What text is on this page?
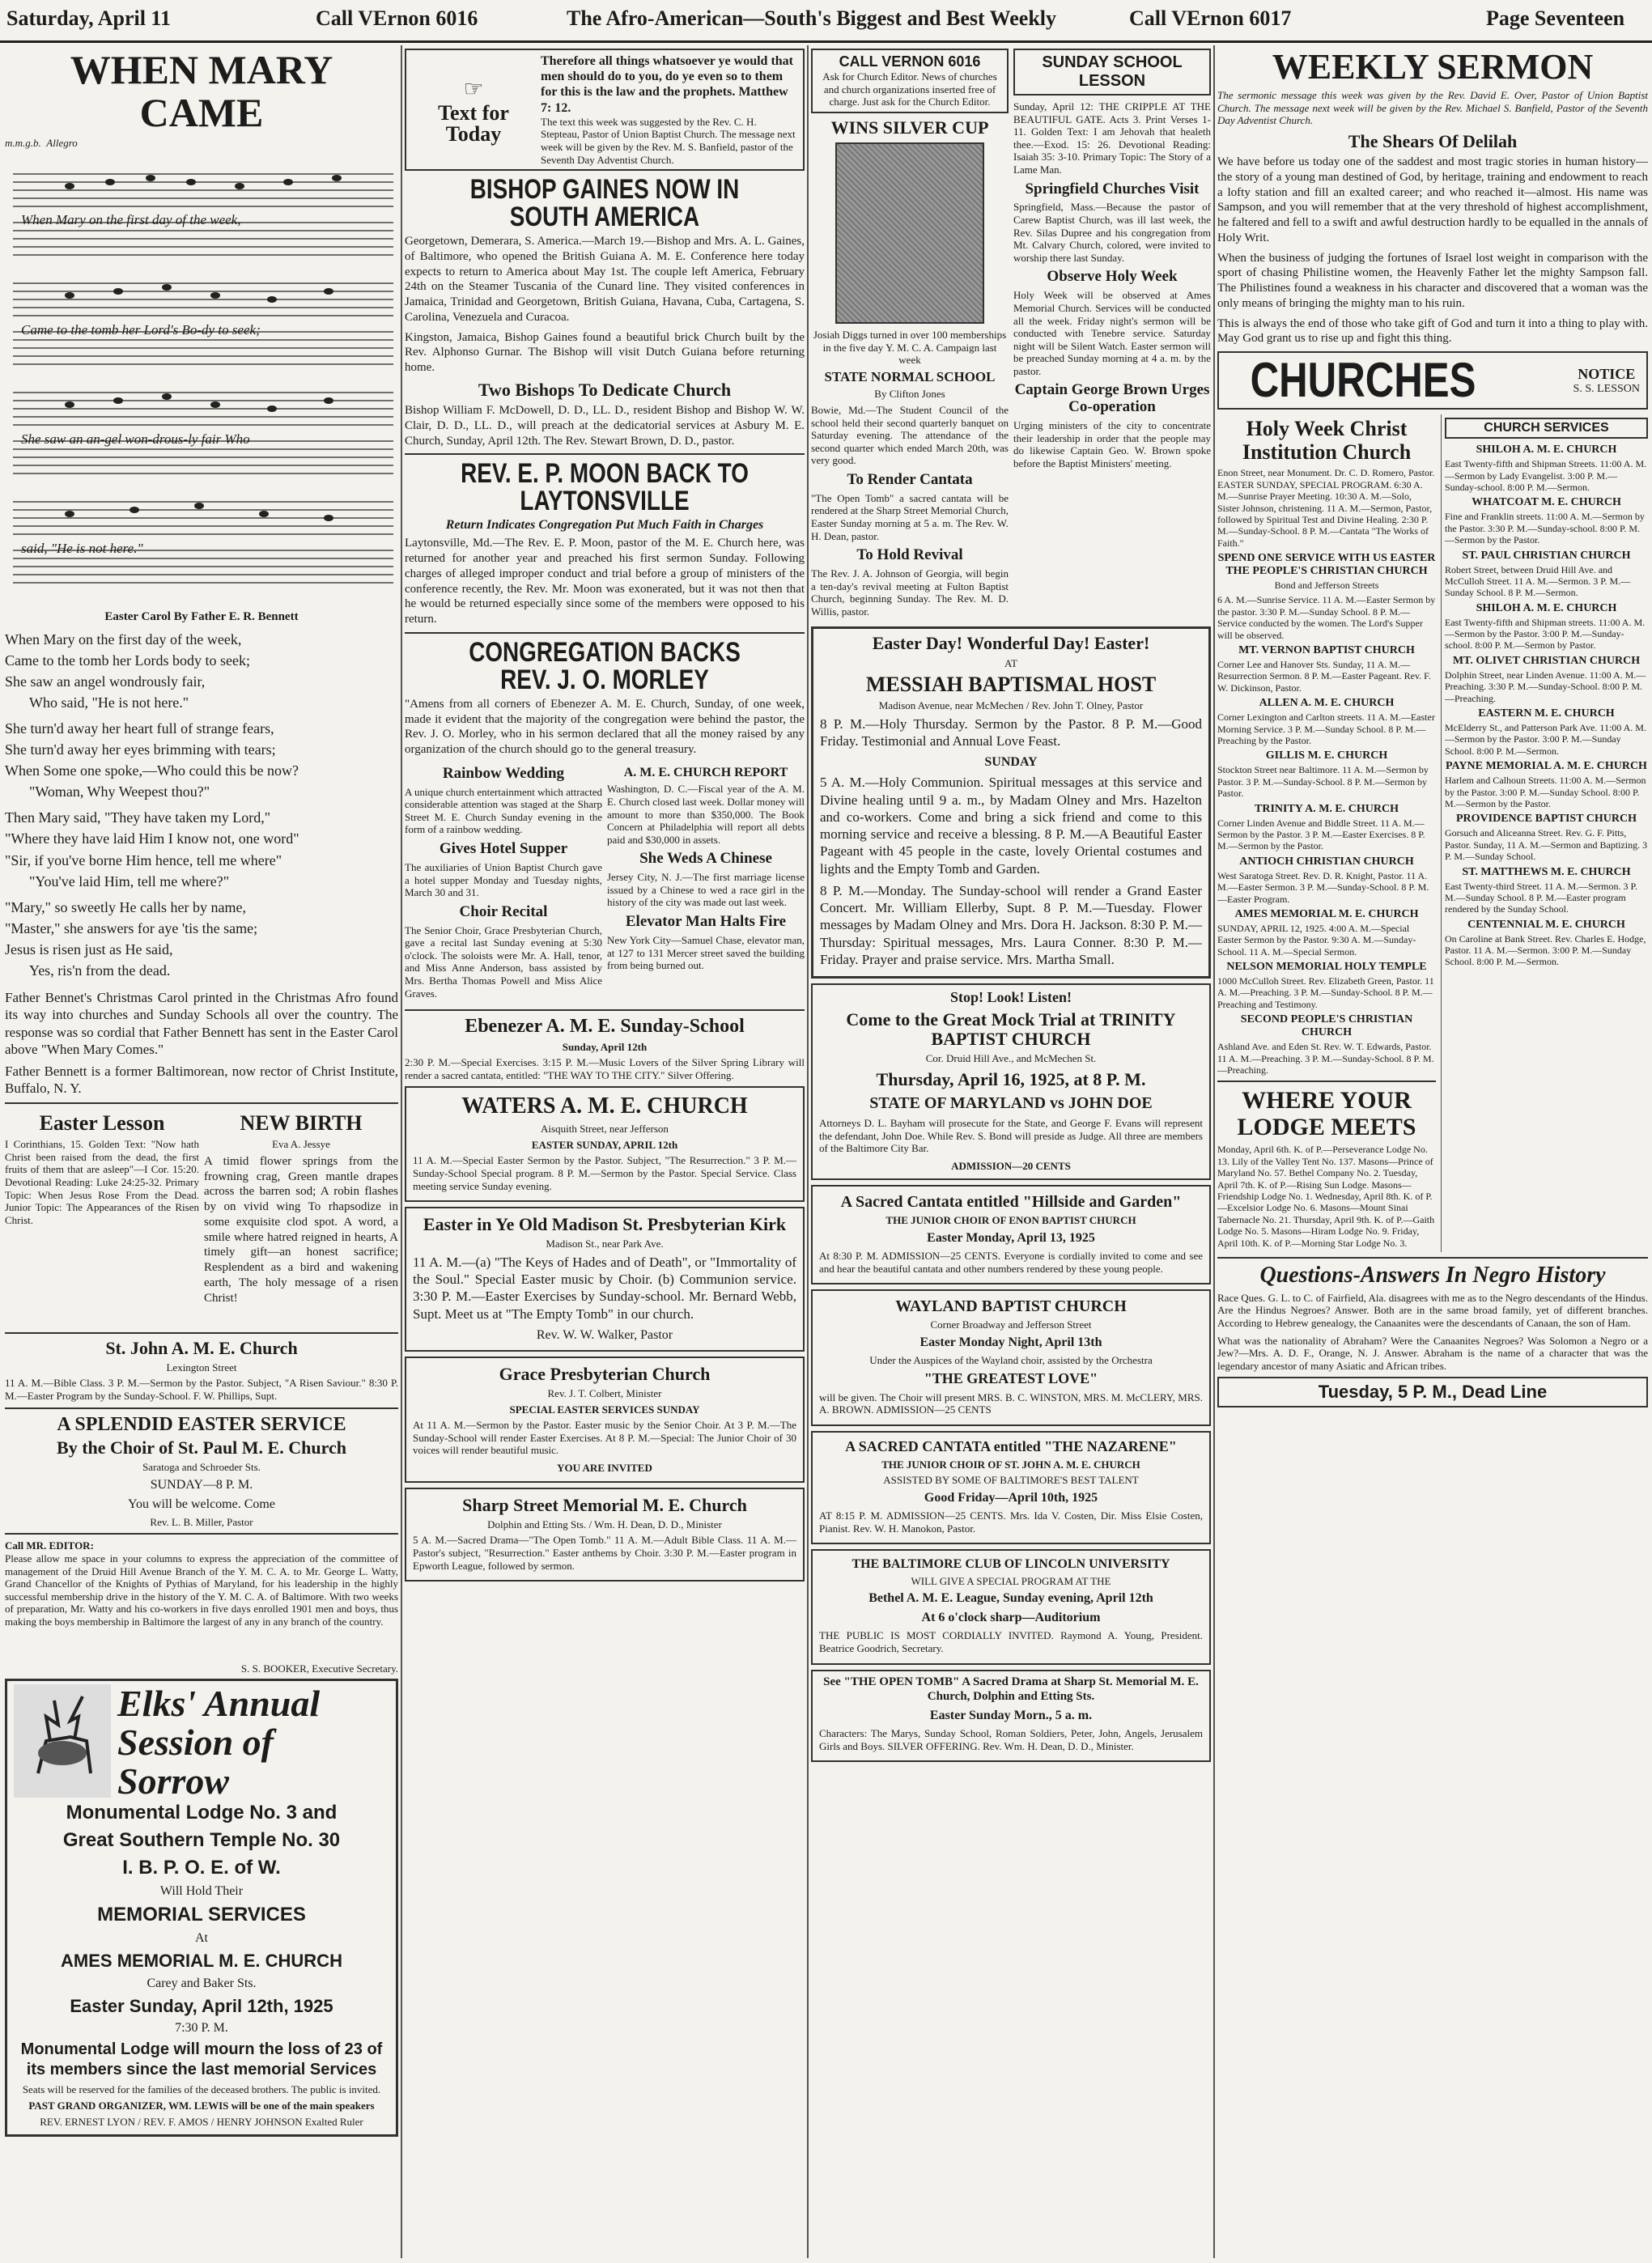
Saturday, April 11	Call VErnon 6016	The Afro-American—South's Biggest and Best Weekly	Call VErnon 6017	Page Seventeen
WHEN MARY CAME
m.m.g.b. Allegro
When Mary on the first day of the week,
Came to the tomb her Lord's Bo-dy to seek;
She saw an an-gel won-drous-ly fair Who
said, "He is not here."
Easter Carol By Father E. R. Bennett
When Mary on the first day of the week,
Came to the tomb her Lords body to seek;
She saw an angel wondrously fair,
Who said, "He is not here."

She turn'd away her heart full of strange fears,
She turn'd away her eyes brimming with tears;
When Some one spoke,—Who could this be now?
"Woman, Why Weepest thou?"

Then Mary said, "They have taken my Lord,"
"Where they have laid Him I know not, one word"
"Sir, if you've borne Him hence, tell me where"
"You've laid Him, tell me where?"

"Mary," so sweetly He calls her by name,
"Master," she answers for aye 'tis the same;
Jesus is risen just as He said,
Yes, ris'n from the dead.
Father Bennet's Christmas Carol printed in the Christmas Afro found its way into churches and Sunday Schools all over the country. The response was so cordial that Father Bennett has sent in the Easter Carol above "When Mary Comes."
Father Bennett is a former Baltimorean, now rector of Christ Institute, Buffalo, N. Y.
Easter Lesson
I Corinthians, 15. Golden Text: "Now hath Christ been raised from the dead, the first fruits of them that are asleep"—I Cor. 15:20. Devotional Reading: Luke 24:25-32. Primary Topic: When Jesus Rose From the Dead. Junior Topic: The Appearances of the Risen Christ.
NEW BIRTH
Eva A. Jessye
A timid flower springs from the frowning crag, Green mantle drapes across the barren sod; A robin flashes by on vivid wing To rhapsodize in some exquisite clod spot. A word, a smile where hatred reigned in hearts, A timely gift—an honest sacrifice; Resplendent as a bird and wakening earth, The holy message of a risen Christ!
St. John A. M. E. Church
Lexington Street
11 A. M.—Bible Class. 3 P. M.—Sermon by the Pastor. Subject, "A Risen Saviour." 8:30 P. M.—Easter Program by the Sunday-School. F. W. Phillips, Supt.
A SPLENDID EASTER SERVICE
By the Choir of St. Paul M. E. Church
Saratoga and Schroeder Sts.
SUNDAY—8 P. M.
You will be welcome. Come
Rev. L. B. Miller, Pastor
Call MR. EDITOR:
Please allow me space in your columns to express the appreciation of the committee of management of the Druid Hill Avenue Branch of the Y. M. C. A. to Mr. George L. Watty, Grand Chancellor of the Knights of Pythias of Maryland, for his leadership in the highly successful membership drive in the history of the Y. M. C. A. of Baltimore. With two weeks of preparation, Mr. Watty and his co-workers in five days enrolled 1901 men and boys, thus making the boys membership in Baltimore the largest of any in any branch of the country.
S. S. BOOKER, Executive Secretary.
Elks' Annual Session of Sorrow
Monumental Lodge No. 3 and
Great Southern Temple No. 30
I. B. P. O. E. of W.
Will Hold Their
MEMORIAL SERVICES
At
AMES MEMORIAL M. E. CHURCH
Carey and Baker Sts.
Easter Sunday, April 12th, 1925
7:30 P. M.
Monumental Lodge will mourn the loss of 23 of its members since the last memorial Services
Seats will be reserved for the families of the deceased brothers. The public is invited.
PAST GRAND ORGANIZER, WM. LEWIS will be one of the main speakers
REV. ERNEST LYON / REV. F. AMOS / HENRY JOHNSON Exalted Ruler
☞
Text for Today
Therefore all things whatsoever ye would that men should do to you, do ye even so to them for this is the law and the prophets. Matthew 7: 12.
The text this week was suggested by the Rev. C. H. Stepteau, Pastor of Union Baptist Church. The message next week will be given by the Rev. M. S. Banfield, pastor of the Seventh Day Adventist Church.
BISHOP GAINES NOW IN SOUTH AMERICA
Georgetown, Demerara, S. America.—March 19.—Bishop and Mrs. A. L. Gaines, of Baltimore, who opened the British Guiana A. M. E. Conference here today expects to return to America about May 1st. The couple left America, February 24th on the Steamer Tuscania of the Cunard line. They visited conferences in Jamaica, Trinidad and Georgetown, British Guiana, Havana, Cuba, Cartagena, S. Carolina, Venezuela and Curacoa.
Kingston, Jamaica, Bishop Gaines found a beautiful brick Church built by the Rev. Alphonso Gurnar. The Bishop will visit Dutch Guiana before returning home.
Two Bishops To Dedicate Church
Bishop William F. McDowell, D. D., LL. D., resident Bishop and Bishop W. W. Clair, D. D., LL. D., will preach at the dedicatorial services at Asbury M. E. Church, Sunday, April 12th. The Rev. Stewart Brown, D. D., pastor.
REV. E. P. MOON BACK TO LAYTONSVILLE
Return Indicates Congregation Put Much Faith in Charges
Laytonsville, Md.—The Rev. E. P. Moon, pastor of the M. E. Church here, was returned for another year and preached his first sermon Sunday. Following charges of alleged improper conduct and trial before a group of ministers of the conference recently, the Rev. Mr. Moon was exonerated, but it was not then that he would be returned especially since some of the members were opposed to his return.
CONGREGATION BACKS REV. J. O. MORLEY
"Amens from all corners of Ebenezer A. M. E. Church, Sunday, of one week, made it evident that the majority of the congregation were behind the pastor, the Rev. J. O. Morley, who in his sermon declared that all the money raised by any organization of the church should go to the general treasury.
Rainbow Wedding
A unique church entertainment which attracted considerable attention was staged at the Sharp Street M. E. Church Sunday evening in the form of a rainbow wedding.
Gives Hotel Supper
The auxiliaries of Union Baptist Church gave a hotel supper Monday and Tuesday nights, March 30 and 31.
Choir Recital
The Senior Choir, Grace Presbyterian Church, gave a recital last Sunday evening at 5:30 o'clock. The soloists were Mr. A. Hall, tenor, and Miss Anne Anderson, bass assisted by Mrs. Bertha Thomas Powell and Miss Alice Graves.
A. M. E. CHURCH REPORT
Washington, D. C.—Fiscal year of the A. M. E. Church closed last week. Dollar money will amount to more than $350,000. The Book Concern at Philadelphia will report all debts paid and $30,000 in assets.
She Weds A Chinese
Jersey City, N. J.—The first marriage license issued by a Chinese to wed a race girl in the history of the city was made out last week.
Elevator Man Halts Fire
New York City—Samuel Chase, elevator man, at 127 to 131 Mercer street saved the building from being burned out.
Ebenezer A. M. E. Sunday-School
Sunday, April 12th
2:30 P. M.—Special Exercises. 3:15 P. M.—Music Lovers of the Silver Spring Library will render a sacred cantata, entitled: "THE WAY TO THE CITY." Silver Offering.
WATERS A. M. E. CHURCH
Aisquith Street, near Jefferson
EASTER SUNDAY, APRIL 12th
11 A. M.—Special Easter Sermon by the Pastor. Subject, "The Resurrection." 3 P. M.—Sunday-School Special program. 8 P. M.—Sermon by the Pastor. Special Service. Class meeting service Sunday evening.
Easter in Ye Old Madison St. Presbyterian Kirk
Madison St., near Park Ave.
11 A. M.—(a) "The Keys of Hades and of Death", or "Immortality of the Soul." Special Easter music by Choir. (b) Communion service. 3:30 P. M.—Easter Exercises by Sunday-school. Mr. Bernard Webb, Supt. Meet us at "The Empty Tomb" in our church.
Rev. W. W. Walker, Pastor
Grace Presbyterian Church
Rev. J. T. Colbert, Minister
SPECIAL EASTER SERVICES SUNDAY
At 11 A. M.—Sermon by the Pastor. Easter music by the Senior Choir. At 3 P. M.—The Sunday-School will render Easter Exercises. At 8 P. M.—Special: The Junior Choir of 30 voices will render beautiful music.
YOU ARE INVITED
Sharp Street Memorial M. E. Church
Dolphin and Etting Sts. / Wm. H. Dean, D. D., Minister
5 A. M.—Sacred Drama—"The Open Tomb." 11 A. M.—Adult Bible Class. 11 A. M.—Pastor's subject, "Resurrection." Easter anthems by Choir. 3:30 P. M.—Easter program in Epworth League, followed by sermon.
CALL VERNON 6016
Ask for Church Editor. News of churches and church organizations inserted free of charge. Just ask for the Church Editor.
WINS SILVER CUP
Josiah Diggs turned in over 100 memberships in the five day Y. M. C. A. Campaign last week
STATE NORMAL SCHOOL
By Clifton Jones
Bowie, Md.—The Student Council of the school held their second quarterly banquet on Saturday evening. The attendance of the second quarter which ended March 20th, was very good.
To Render Cantata
"The Open Tomb" a sacred cantata will be rendered at the Sharp Street Memorial Church, Easter Sunday morning at 5 a. m. The Rev. W. H. Dean, pastor.
To Hold Revival
The Rev. J. A. Johnson of Georgia, will begin a ten-day's revival meeting at Fulton Baptist Church, beginning Sunday. The Rev. M. D. Willis, pastor.
SUNDAY SCHOOL LESSON
Sunday, April 12: THE CRIPPLE AT THE BEAUTIFUL GATE. Acts 3. Print Verses 1-11. Golden Text: I am Jehovah that healeth thee.—Exod. 15: 26. Devotional Reading: Isaiah 35: 3-10. Primary Topic: The Story of a Lame Man.
Springfield Churches Visit
Springfield, Mass.—Because the pastor of Carew Baptist Church, was ill last week, the Rev. Silas Dupree and his congregation from Mt. Calvary Church, colored, were invited to worship there last Sunday.
Observe Holy Week
Holy Week will be observed at Ames Memorial Church. Services will be conducted all the week. Friday night's sermon will be conducted with Tenebre service. Saturday night will be Silent Watch. Easter sermon will be preached Sunday morning at 4 a. m. by the pastor.
Captain George Brown Urges Co-operation
Urging ministers of the city to concentrate their leadership in order that the people may do likewise Captain Geo. W. Brown spoke before the Baptist Ministers' meeting.
Easter Day! Wonderful Day! Easter!
AT
MESSIAH BAPTISMAL HOST
Madison Avenue, near McMechen / Rev. John T. Olney, Pastor
8 P. M.—Holy Thursday. Sermon by the Pastor. 8 P. M.—Good Friday. Testimonial and Annual Love Feast.
SUNDAY
5 A. M.—Holy Communion. Spiritual messages at this service and Divine healing until 9 a. m., by Madam Olney and Mrs. Hazelton and co-workers. Come and bring a sick friend and come to this morning service and receive a blessing. 8 P. M.—A Beautiful Easter Pageant with 45 people in the caste, lovely Oriental costumes and lights and the Empty Tomb and Garden.
8 P. M.—Monday. The Sunday-school will render a Grand Easter Concert. Mr. William Ellerby, Supt. 8 P. M.—Tuesday. Flower messages by Madam Olney and Mrs. Dora H. Jackson. 8:30 P. M.—Thursday: Spiritual messages, Mrs. Laura Conner. 8:30 P. M.—Friday. Prayer and praise service. Mrs. Martha Small.
Stop! Look! Listen!
Come to the Great Mock Trial at TRINITY BAPTIST CHURCH
Cor. Druid Hill Ave., and McMechen St.
Thursday, April 16, 1925, at 8 P. M.
STATE OF MARYLAND vs JOHN DOE
Attorneys D. L. Bayham will prosecute for the State, and George F. Evans will represent the defendant, John Doe. While Rev. S. Bond will preside as Judge. All three are members of the Baltimore City Bar.
ADMISSION—20 CENTS
A Sacred Cantata entitled "Hillside and Garden"
THE JUNIOR CHOIR OF ENON BAPTIST CHURCH
Easter Monday, April 13, 1925
At 8:30 P. M. ADMISSION—25 CENTS. Everyone is cordially invited to come and see and hear the beautiful cantata and other numbers rendered by these young people.
WAYLAND BAPTIST CHURCH
Corner Broadway and Jefferson Street
Easter Monday Night, April 13th
Under the Auspices of the Wayland choir, assisted by the Orchestra
"THE GREATEST LOVE"
will be given. The Choir will present MRS. B. C. WINSTON, MRS. M. McCLERY, MRS. A. BROWN. ADMISSION—25 CENTS
A SACRED CANTATA entitled "THE NAZARENE"
THE JUNIOR CHOIR OF ST. JOHN A. M. E. CHURCH
ASSISTED BY SOME OF BALTIMORE'S BEST TALENT
Good Friday—April 10th, 1925
AT 8:15 P. M. ADMISSION—25 CENTS. Mrs. Ida V. Costen, Dir. Miss Elsie Costen, Pianist. Rev. W. H. Manokon, Pastor.
THE BALTIMORE CLUB OF LINCOLN UNIVERSITY
WILL GIVE A SPECIAL PROGRAM AT THE
Bethel A. M. E. League, Sunday evening, April 12th
At 6 o'clock sharp—Auditorium
THE PUBLIC IS MOST CORDIALLY INVITED. Raymond A. Young, President. Beatrice Goodrich, Secretary.
See "THE OPEN TOMB" A Sacred Drama at Sharp St. Memorial M. E. Church, Dolphin and Etting Sts.
Easter Sunday Morn., 5 a. m.
Characters: The Marys, Sunday School, Roman Soldiers, Peter, John, Angels, Jerusalem Girls and Boys. SILVER OFFERING. Rev. Wm. H. Dean, D. D., Minister.
WEEKLY SERMON
The sermonic message this week was given by the Rev. David E. Over, Pastor of Union Baptist Church. The message next week will be given by the Rev. Michael S. Banfield, Pastor of the Seventh Day Adventist Church.
The Shears Of Delilah
We have before us today one of the saddest and most tragic stories in human history—the story of a young man destined of God, by heritage, training and endowment to reach a lofty station and fill an exalted career; and who reached it—almost. His name was Sampson, and you will remember that at the very threshold of highest accomplishment, he faltered and fell to a swift and awful destruction hardly to be equalled in the annals of Holy Writ.
When the business of judging the fortunes of Israel lost weight in comparison with the sport of chasing Philistine women, the Heavenly Father let the mighty Sampson fall. The Philistines found a weakness in his character and discovered that a woman was the only means of bringing the mighty man to his ruin.
This is always the end of those who take gift of God and turn it into a thing to play with. May God grant us to rise up and fight this thing.
CHURCHES	NOTICE
S. S. LESSON
Holy Week Christ Institution Church
Enon Street, near Monument. Dr. C. D. Romero, Pastor. EASTER SUNDAY, SPECIAL PROGRAM. 6:30 A. M.—Sunrise Prayer Meeting. 10:30 A. M.—Solo, Sister Johnson, christening. 11 A. M.—Sermon, Pastor, followed by Spiritual Test and Divine Healing. 2:30 P. M.—Sunday-School. 8 P. M.—Cantata "The Works of Faith."
SPEND ONE SERVICE WITH US EASTER THE PEOPLE'S CHRISTIAN CHURCH
Bond and Jefferson Streets
6 A. M.—Sunrise Service. 11 A. M.—Easter Sermon by the pastor. 3:30 P. M.—Sunday School. 8 P. M.—Service conducted by the women. The Lord's Supper will be observed.
MT. VERNON BAPTIST CHURCH
Corner Lee and Hanover Sts. Sunday, 11 A. M.—Resurrection Sermon. 8 P. M.—Easter Pageant. Rev. F. W. Dickinson, Pastor.
ALLEN A. M. E. CHURCH
Corner Lexington and Carlton streets. 11 A. M.—Easter Morning Service. 3 P. M.—Sunday School. 8 P. M.—Preaching by the Pastor.
GILLIS M. E. CHURCH
Stockton Street near Baltimore. 11 A. M.—Sermon by Pastor. 3 P. M.—Sunday-School. 8 P. M.—Sermon by Pastor.
TRINITY A. M. E. CHURCH
Corner Linden Avenue and Biddle Street. 11 A. M.—Sermon by the Pastor. 3 P. M.—Easter Exercises. 8 P. M.—Sermon by the Pastor.
ANTIOCH CHRISTIAN CHURCH
West Saratoga Street. Rev. D. R. Knight, Pastor. 11 A. M.—Easter Sermon. 3 P. M.—Sunday-School. 8 P. M.—Easter Program.
AMES MEMORIAL M. E. CHURCH
SUNDAY, APRIL 12, 1925. 4:00 A. M.—Special Easter Sermon by the Pastor. 9:30 A. M.—Sunday-School. 11 A. M.—Special Sermon.
NELSON MEMORIAL HOLY TEMPLE
1000 McCulloh Street. Rev. Elizabeth Green, Pastor. 11 A. M.—Preaching. 3 P. M.—Sunday-School. 8 P. M.—Preaching and Testimony.
SECOND PEOPLE'S CHRISTIAN CHURCH
Ashland Ave. and Eden St. Rev. W. T. Edwards, Pastor. 11 A. M.—Preaching. 3 P. M.—Sunday-School. 8 P. M.—Preaching.
WHERE YOUR LODGE MEETS
Monday, April 6th. K. of P.—Perseverance Lodge No. 13. Lily of the Valley Tent No. 137. Masons—Prince of Maryland No. 57. Bethel Company No. 2. Tuesday, April 7th. K. of P.—Rising Sun Lodge. Masons—Friendship Lodge No. 1. Wednesday, April 8th. K. of P.—Excelsior Lodge No. 6. Masons—Mount Sinai Tabernacle No. 21. Thursday, April 9th. K. of P.—Gaith Lodge No. 5. Masons—Hiram Lodge No. 9. Friday, April 10th. K. of P.—Morning Star Lodge No. 3.
CHURCH SERVICES
SHILOH A. M. E. CHURCH
East Twenty-fifth and Shipman Streets. 11:00 A. M.—Sermon by Lady Evangelist. 3:00 P. M.—Sunday-school. 8:00 P. M.—Sermon.
WHATCOAT M. E. CHURCH
Fine and Franklin streets. 11:00 A. M.—Sermon by the Pastor. 3:30 P. M.—Sunday-school. 8:00 P. M.—Sermon by the Pastor.
ST. PAUL CHRISTIAN CHURCH
Robert Street, between Druid Hill Ave. and McCulloh Street. 11 A. M.—Sermon. 3 P. M.—Sunday School. 8 P. M.—Sermon.
SHILOH A. M. E. CHURCH
East Twenty-fifth and Shipman streets. 11:00 A. M.—Sermon by the Pastor. 3:00 P. M.—Sunday-school. 8:00 P. M.—Sermon by Pastor.
MT. OLIVET CHRISTIAN CHURCH
Dolphin Street, near Linden Avenue. 11:00 A. M.—Preaching. 3:30 P. M.—Sunday-School. 8:00 P. M.—Preaching.
EASTERN M. E. CHURCH
McElderry St., and Patterson Park Ave. 11:00 A. M.—Sermon by the Pastor. 3:00 P. M.—Sunday School. 8:00 P. M.—Sermon.
PAYNE MEMORIAL A. M. E. CHURCH
Harlem and Calhoun Streets. 11:00 A. M.—Sermon by the Pastor. 3:00 P. M.—Sunday School. 8:00 P. M.—Sermon by the Pastor.
PROVIDENCE BAPTIST CHURCH
Gorsuch and Aliceanna Street. Rev. G. F. Pitts, Pastor. Sunday, 11 A. M.—Sermon and Baptizing. 3 P. M.—Sunday School.
ST. MATTHEWS M. E. CHURCH
East Twenty-third Street. 11 A. M.—Sermon. 3 P. M.—Sunday School. 8 P. M.—Easter program rendered by the Sunday School.
CENTENNIAL M. E. CHURCH
On Caroline at Bank Street. Rev. Charles E. Hodge, Pastor. 11 A. M.—Sermon. 3:00 P. M.—Sunday School. 8:00 P. M.—Sermon.
Questions-Answers In Negro History
Race Ques. G. L. to C. of Fairfield, Ala. disagrees with me as to the Negro descendants of the Hindus. Are the Hindus Negroes? Answer. Both are in the same broad family, yet of different branches. According to Hebrew genealogy, the Canaanites were the descendants of Canaan, the son of Ham.
What was the nationality of Abraham? Were the Canaanites Negroes? Was Solomon a Negro or a Jew?—Mrs. A. D. F., Orange, N. J. Answer. Abraham is the name of a character that was the legendary ancestor of many Asiatic and African tribes.
Tuesday, 5 P. M., Dead Line
